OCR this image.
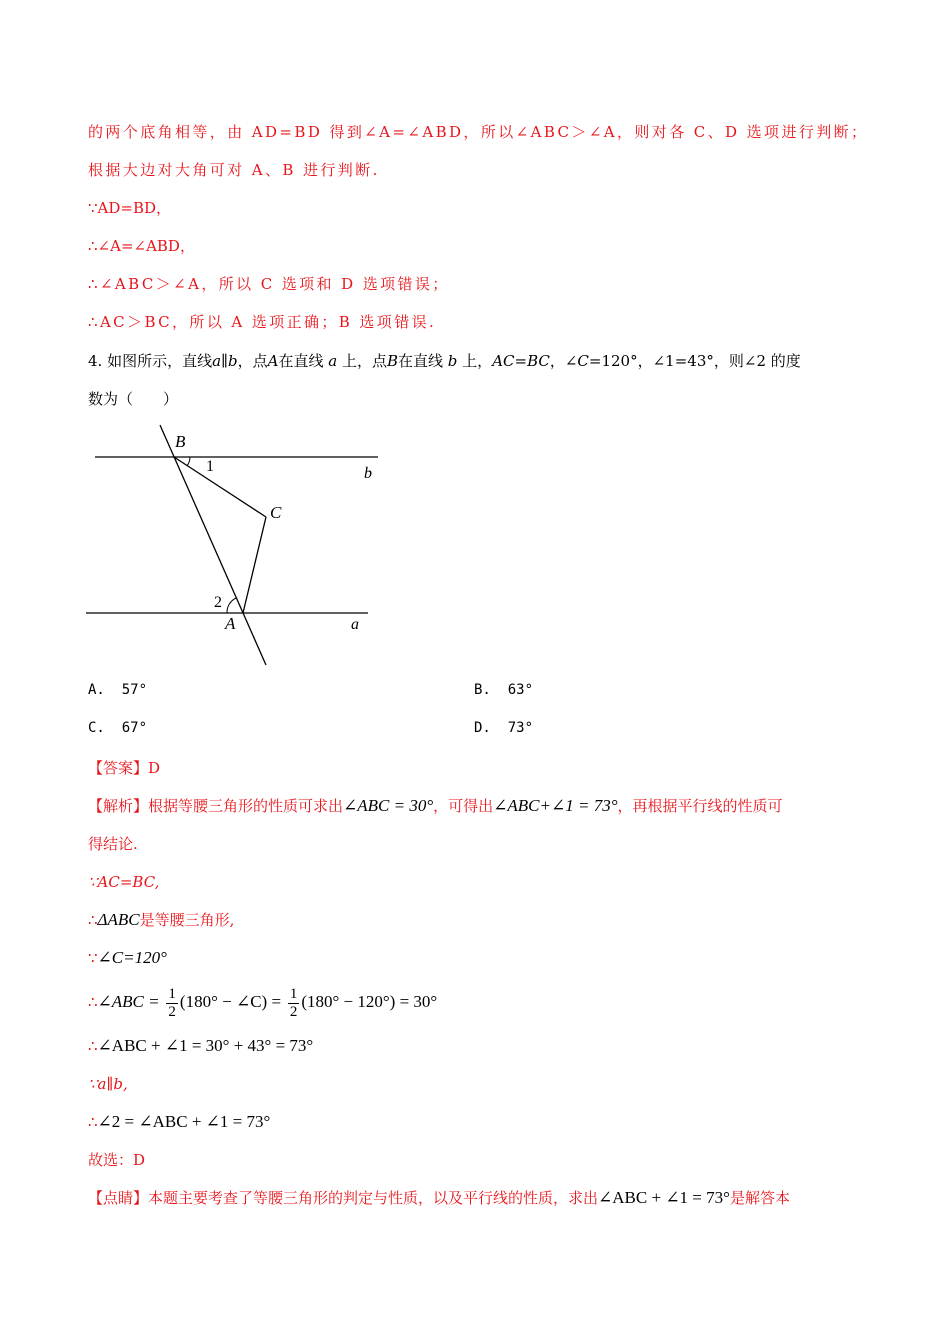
的两个底角相等，由 AD=BD 得到∠A=∠ABD，所以∠ABC＞∠A，则对各 C、D 选项进行判断；
根据大边对大角可对 A、B 进行判断.
∵AD=BD，
∴∠A=∠ABD，
∴∠ABC＞∠A，所以 C 选项和 D 选项错误；
∴AC＞BC，所以 A 选项正确；B 选项错误.
4. 如图所示，直线a∥b，点A在直线 a 上，点B在直线 b 上，AC=BC，∠C=120°，∠1=43°，则∠2 的度
数为（　　）
B
1	b
C
2
A	a
A. 57°	B. 63°
C. 67°	D. 73°
【答案】D
【解析】根据等腰三角形的性质可求出∠ABC = 30°，可得出∠ABC+∠1 = 73°，再根据平行线的性质可
得结论.
∵AC=BC,
∴ΔABC是等腰三角形,
∵∠C=120°
∴∠ABC = $\frac{1}{2} (180^\circ$ − ∠C) = $\frac{1}{2} (180^\circ - 120^\circ) = 30^\circ$
∴∠ABC + ∠1 = 30° + 43° = 73°
∵a∥b,
∴∠2 = ∠ABC + ∠1 = 73°
故选：D
【点睛】本题主要考查了等腰三角形的判定与性质，以及平行线的性质，求出∠ABC + ∠1 = 73°是解答本
